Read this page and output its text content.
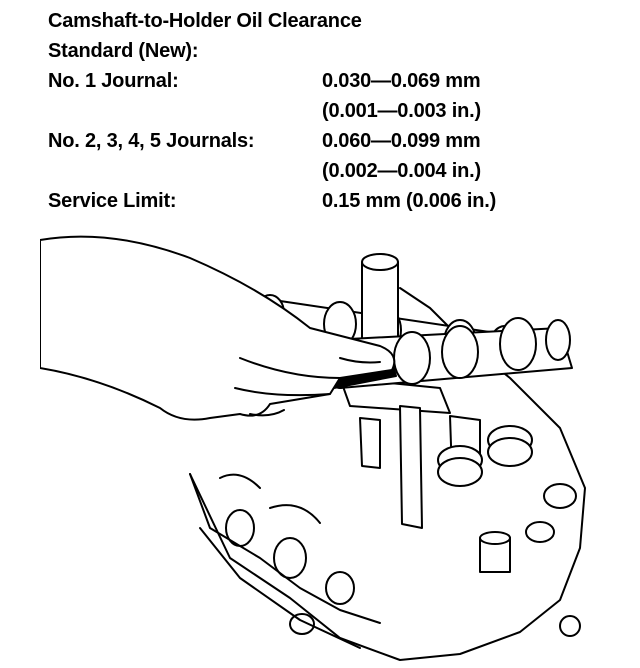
Camshaft-to-Holder Oil Clearance
Standard (New):
No. 1 Journal:	0.030—0.069 mm
(0.001—0.003 in.)
No. 2, 3, 4, 5 Journals:	0.060—0.099 mm
(0.002—0.004 in.)
Service Limit:	0.15 mm (0.006 in.)
